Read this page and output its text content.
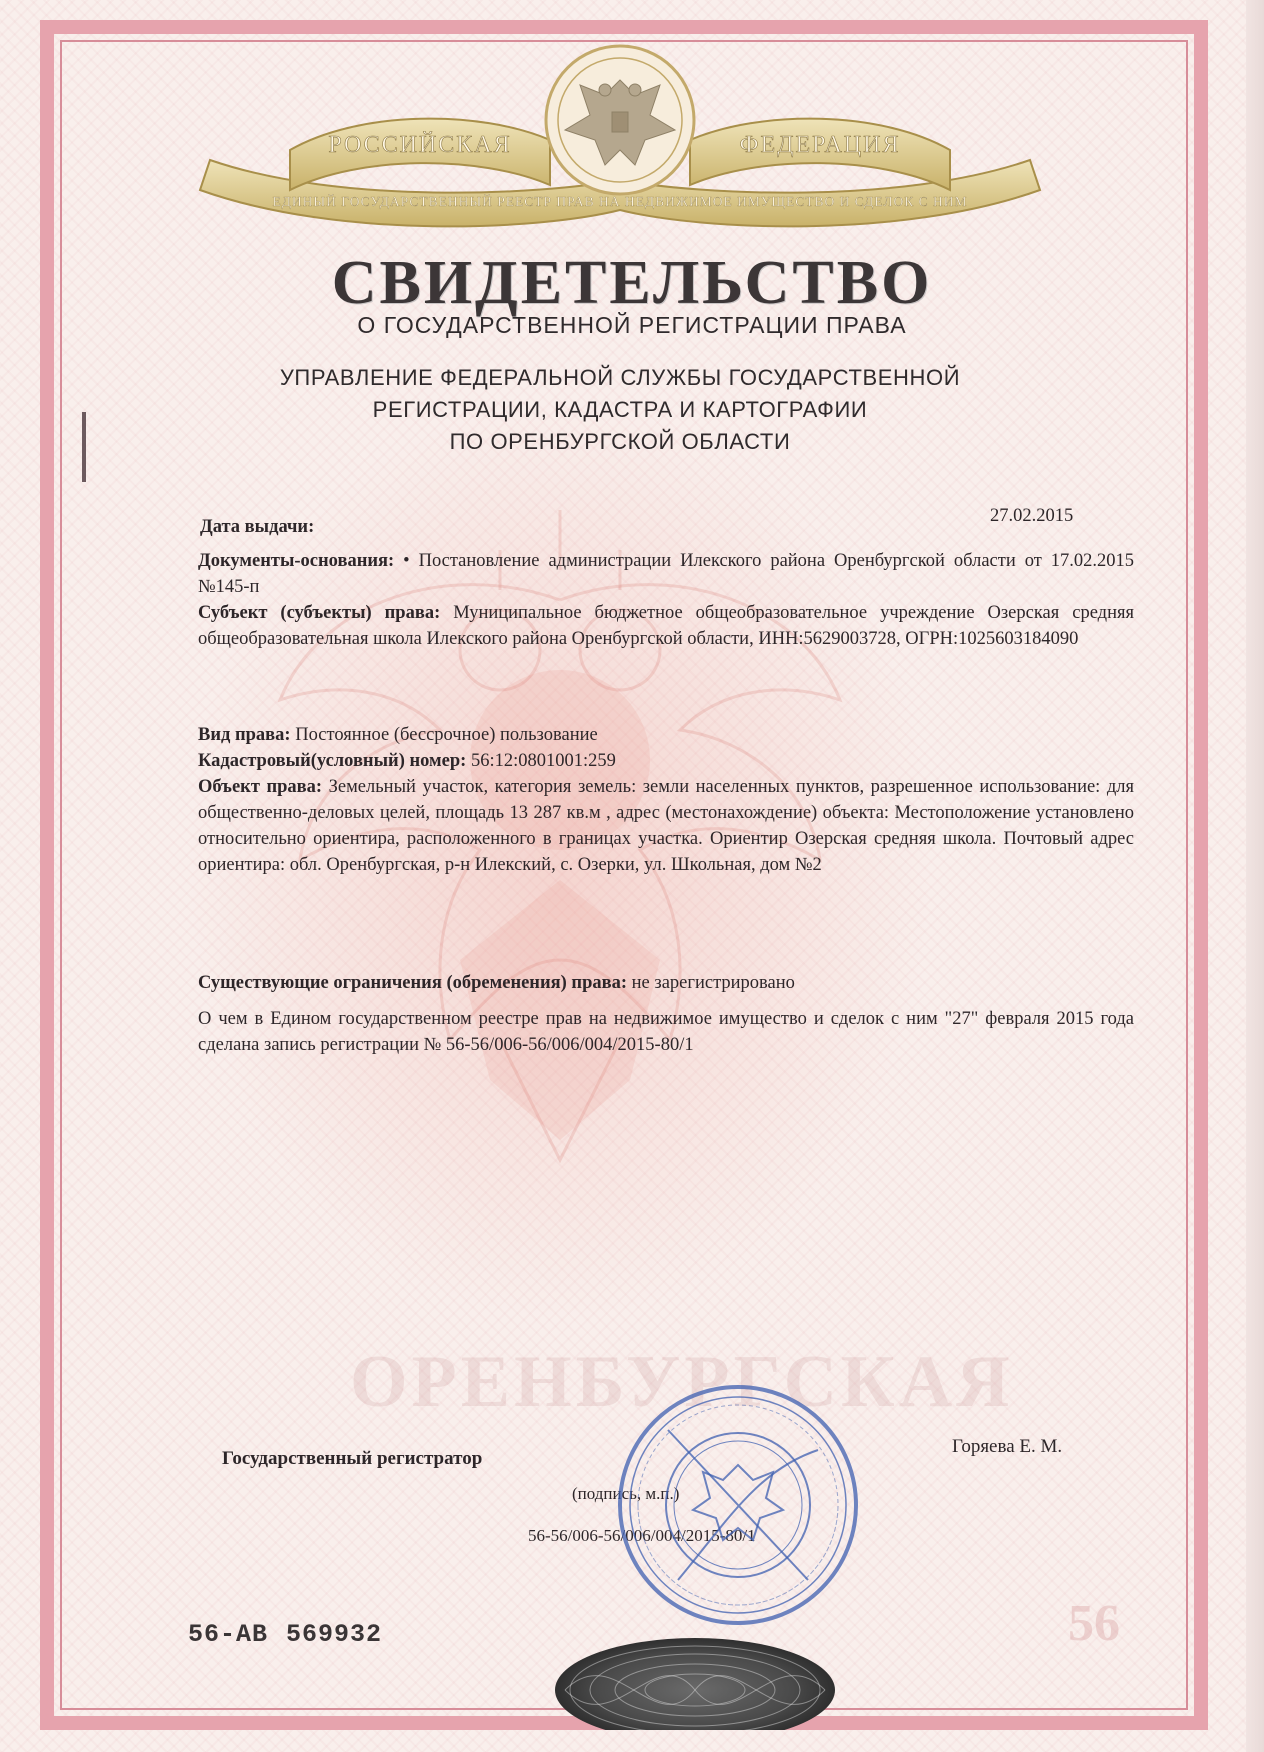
РОССИЙСКАЯ	ФЕДЕРАЦИЯ
ЕДИНЫЙ ГОСУДАРСТВЕННЫЙ РЕЕСТР ПРАВ НА НЕДВИЖИМОЕ ИМУЩЕСТВО И СДЕЛОК С НИМ
СВИДЕТЕЛЬСТВО
О ГОСУДАРСТВЕННОЙ РЕГИСТРАЦИИ ПРАВА
УПРАВЛЕНИЕ ФЕДЕРАЛЬНОЙ СЛУЖБЫ ГОСУДАРСТВЕННОЙ
РЕГИСТРАЦИИ, КАДАСТРА И КАРТОГРАФИИ
ПО ОРЕНБУРГСКОЙ ОБЛАСТИ
Дата выдачи:
27.02.2015
Документы-основания: • Постановление администрации Илекского района Оренбургской области от 17.02.2015 №145-п
Субъект (субъекты) права: Муниципальное бюджетное общеобразовательное учреждение Озерская средняя общеобразовательная школа Илекского района Оренбургской области, ИНН:5629003728, ОГРН:1025603184090
Вид права: Постоянное (бессрочное) пользование
Кадастровый(условный) номер: 56:12:0801001:259
Объект права: Земельный участок, категория земель: земли населенных пунктов, разрешенное использование: для общественно-деловых целей, площадь 13 287 кв.м , адрес (местонахождение) объекта: Местоположение установлено относительно ориентира, расположенного в границах участка. Ориентир Озерская средняя школа. Почтовый адрес ориентира: обл. Оренбургская, р-н Илекский, с. Озерки, ул. Школьная, дом №2
Существующие ограничения (обременения) права: не зарегистрировано
О чем в Едином государственном реестре прав на недвижимое имущество и сделок с ним "27" февраля 2015 года сделана запись регистрации № 56-56/006-56/006/004/2015-80/1
ОРЕНБУРГСКАЯ
Государственный регистратор
Горяева Е. М.
(подпись, м.п.)
56-56/006-56/006/004/2015-80/1
56-АВ 569932	56
